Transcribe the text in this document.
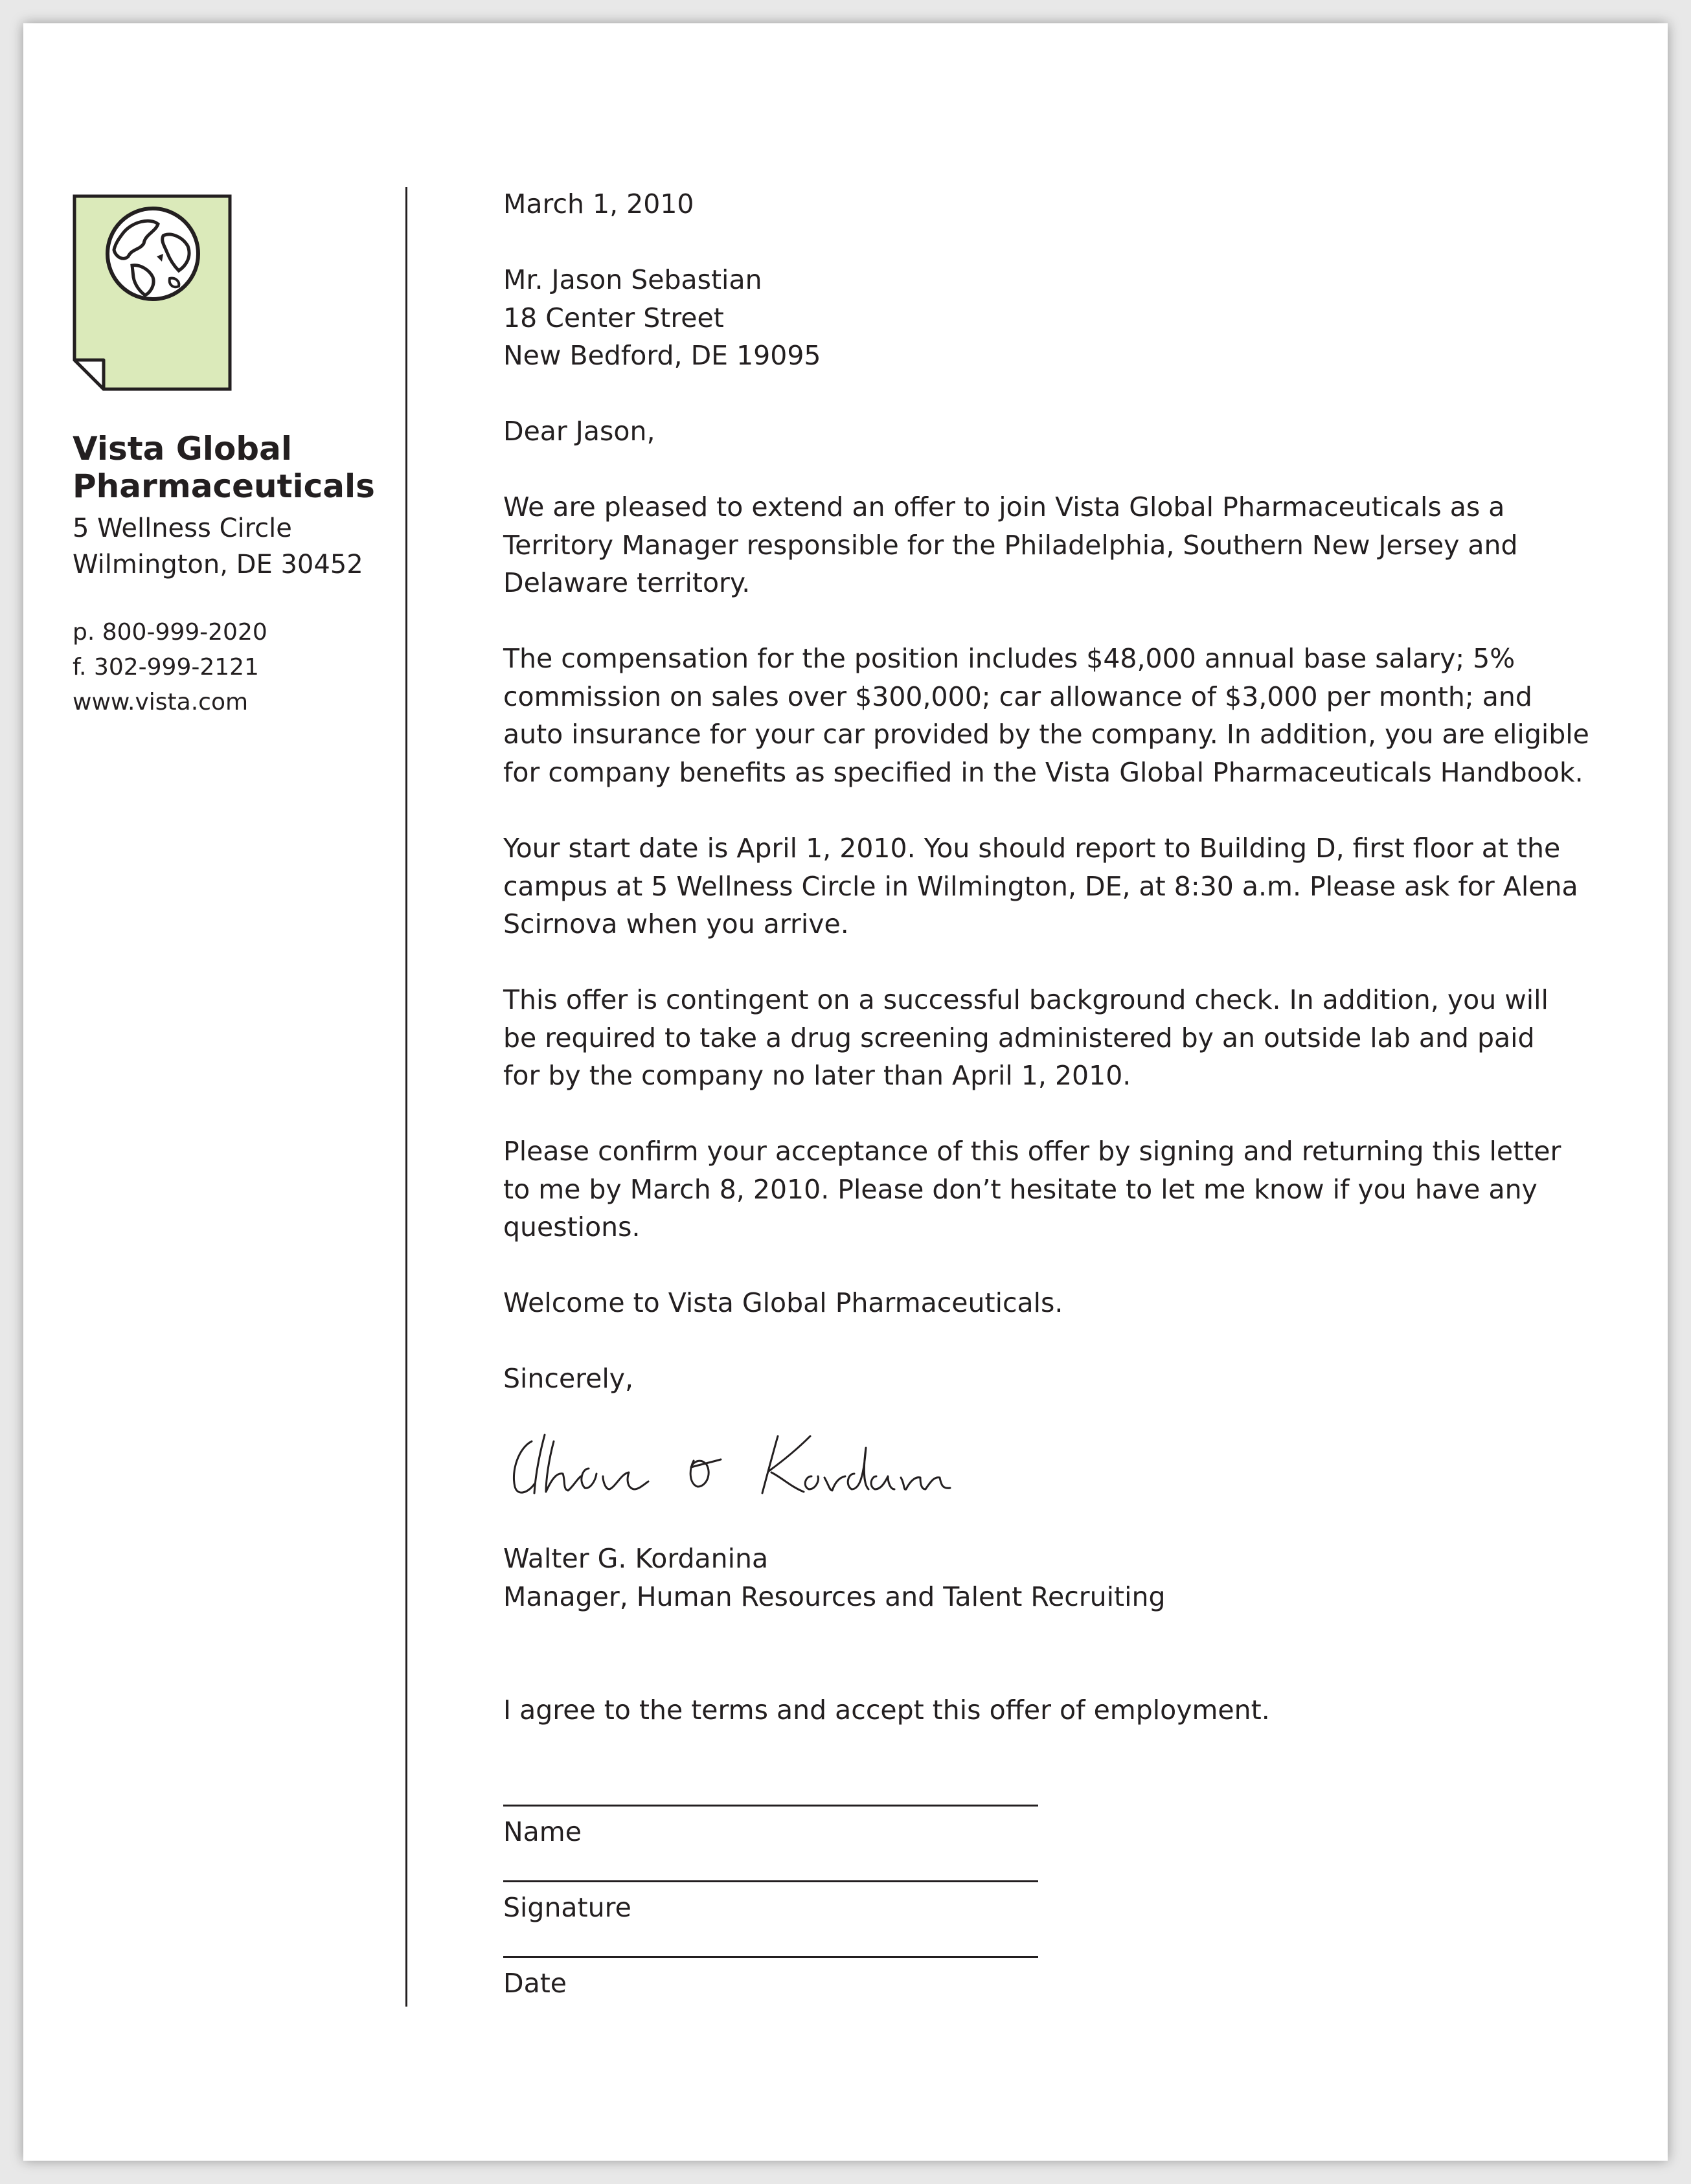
Vista Global
Pharmaceuticals
5 Wellness Circle
Wilmington, DE 30452
p. 800-999-2020
f. 302-999-2121
www.vista.com
March 1, 2010
Mr. Jason Sebastian
18 Center Street
New Bedford, DE 19095
Dear Jason,
We are pleased to extend an offer to join Vista Global Pharmaceuticals as a
Territory Manager responsible for the Philadelphia, Southern New Jersey and
Delaware territory.
The compensation for the position includes $48,000 annual base salary; 5%
commission on sales over $300,000; car allowance of $3,000 per month; and
auto insurance for your car provided by the company. In addition, you are eligible
for company benefits as specified in the Vista Global Pharmaceuticals Handbook.
Your start date is April 1, 2010. You should report to Building D, first floor at the
campus at 5 Wellness Circle in Wilmington, DE, at 8:30 a.m. Please ask for Alena
Scirnova when you arrive.
This offer is contingent on a successful background check. In addition, you will
be required to take a drug screening administered by an outside lab and paid
for by the company no later than April 1, 2010.
Please confirm your acceptance of this offer by signing and returning this letter
to me by March 8, 2010. Please don’t hesitate to let me know if you have any
questions.
Welcome to Vista Global Pharmaceuticals.
Sincerely,
Walter G. Kordanina
Manager, Human Resources and Talent Recruiting
I agree to the terms and accept this offer of employment.
Name
Signature
Date
